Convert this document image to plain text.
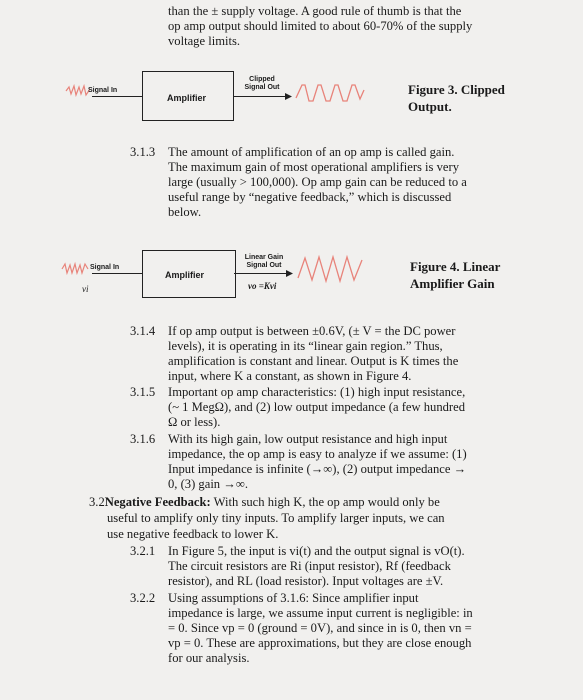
than the ± supply voltage. A good rule of thumb is that the
op amp output should limited to about 60-70% of the supply
voltage limits.
Signal In
Amplifier
Clipped
Signal Out	Figure 3. Clipped
Output.
3.1.3 The amount of amplification of an op amp is called gain.
The maximum gain of most operational amplifiers is very
large (usually > 100,000). Op amp gain can be reduced to a
useful range by “negative feedback,” which is discussed
below.
Signal In
vi
Amplifier
Linear Gain
Signal Out
vo =Kvi
Figure 4. Linear
Amplifier Gain
3.1.4 If op amp output is between ±0.6V, (± V = the DC power
levels), it is operating in its “linear gain region.” Thus,
amplification is constant and linear. Output is K times the
input, where K a constant, as shown in Figure 4.
3.1.5 Important op amp characteristics: (1) high input resistance,
(~ 1 MegΩ), and (2) low output impedance (a few hundred
Ω or less).
3.1.6 With its high gain, low output resistance and high input
impedance, the op amp is easy to analyze if we assume: (1)
Input impedance is infinite (→∞), (2) output impedance →
0, (3) gain →∞.
3.2Negative Feedback: With such high K, the op amp would only be
useful to amplify only tiny inputs. To amplify larger inputs, we can
use negative feedback to lower K.
3.2.1 In Figure 5, the input is vi(t) and the output signal is vO(t).
The circuit resistors are Ri (input resistor), Rf (feedback
resistor), and RL (load resistor). Input voltages are ±V.
3.2.2 Using assumptions of 3.1.6: Since amplifier input
impedance is large, we assume input current is negligible: in
= 0. Since vp = 0 (ground = 0V), and since in is 0, then vn =
vp = 0. These are approximations, but they are close enough
for our analysis.
